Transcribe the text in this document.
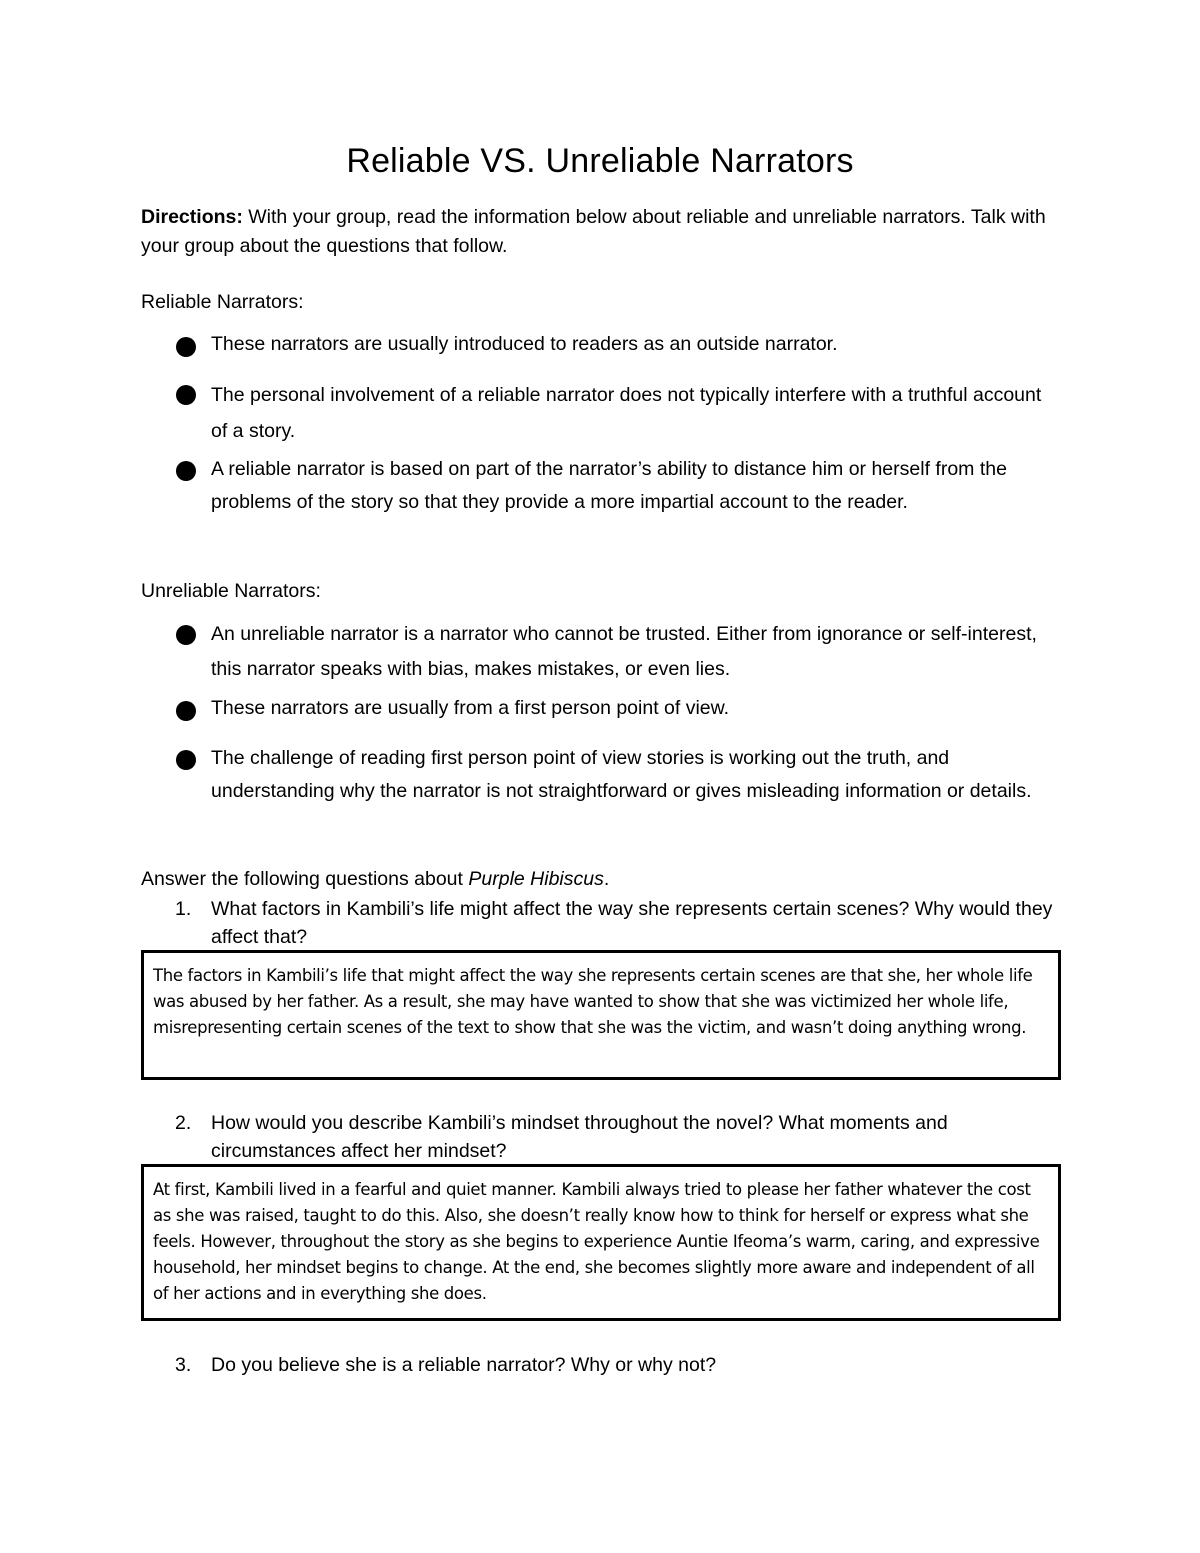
Reliable VS. Unreliable Narrators
Directions: With your group, read the information below about reliable and unreliable narrators. Talk with your group about the questions that follow.
Reliable Narrators:
These narrators are usually introduced to readers as an outside narrator.
The personal involvement of a reliable narrator does not typically interfere with a truthful account of a story.
A reliable narrator is based on part of the narrator’s ability to distance him or herself from the problems of the story so that they provide a more impartial account to the reader.
Unreliable Narrators:
An unreliable narrator is a narrator who cannot be trusted. Either from ignorance or self-interest, this narrator speaks with bias, makes mistakes, or even lies.
These narrators are usually from a first person point of view.
The challenge of reading first person point of view stories is working out the truth, and understanding why the narrator is not straightforward or gives misleading information or details.
Answer the following questions about Purple Hibiscus.
1. What factors in Kambili’s life might affect the way she represents certain scenes? Why would they affect that?
The factors in Kambili’s life that might affect the way she represents certain scenes are that she, her whole life was abused by her father. As a result, she may have wanted to show that she was victimized her whole life, misrepresenting certain scenes of the text to show that she was the victim, and wasn’t doing anything wrong.
2. How would you describe Kambili’s mindset throughout the novel? What moments and circumstances affect her mindset?
At first, Kambili lived in a fearful and quiet manner. Kambili always tried to please her father whatever the cost as she was raised, taught to do this. Also, she doesn’t really know how to think for herself or express what she feels. However, throughout the story as she begins to experience Auntie Ifeoma’s warm, caring, and expressive household, her mindset begins to change. At the end, she becomes slightly more aware and independent of all of her actions and in everything she does.
3. Do you believe she is a reliable narrator? Why or why not?
